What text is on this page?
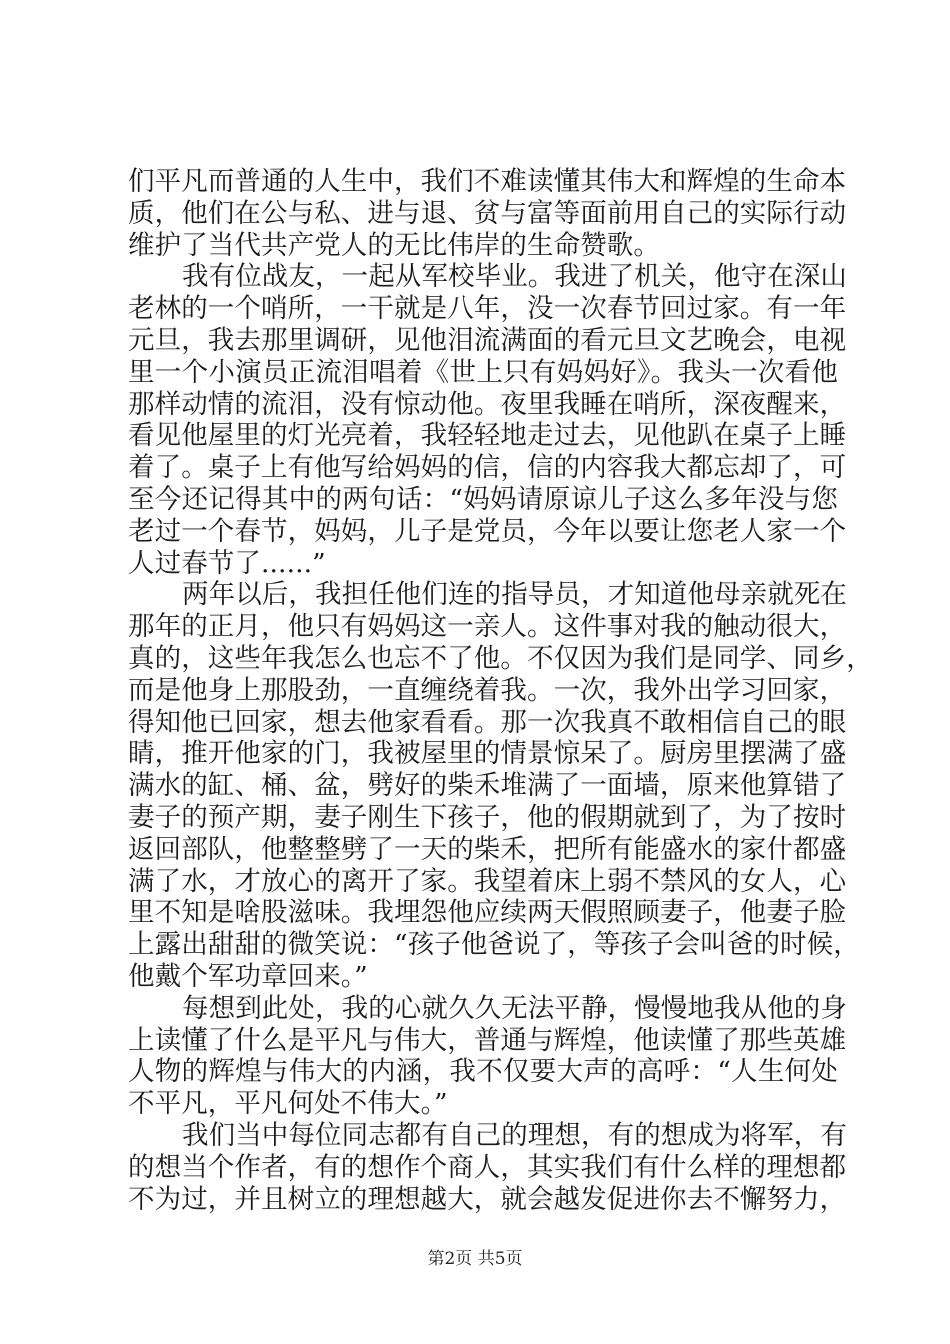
们平凡而普通的人生中，我们不难读懂其伟大和辉煌的生命本
质，他们在公与私、进与退、贫与富等面前用自己的实际行动
维护了当代共产党人的无比伟岸的生命赞歌。
我有位战友，一起从军校毕业。我进了机关，他守在深山
老林的一个哨所，一干就是八年，没一次春节回过家。有一年
元旦，我去那里调研，见他泪流满面的看元旦文艺晚会，电视
里一个小演员正流泪唱着《世上只有妈妈好》。我头一次看他
那样动情的流泪，没有惊动他。夜里我睡在哨所，深夜醒来，
看见他屋里的灯光亮着，我轻轻地走过去，见他趴在桌子上睡
着了。桌子上有他写给妈妈的信，信的内容我大都忘却了，可
至今还记得其中的两句话：“妈妈请原谅儿子这么多年没与您
老过一个春节，妈妈，儿子是党员，今年以要让您老人家一个
人过春节了......”
两年以后，我担任他们连的指导员，才知道他母亲就死在
那年的正月，他只有妈妈这一亲人。这件事对我的触动很大，
真的，这些年我怎么也忘不了他。不仅因为我们是同学、同乡，
而是他身上那股劲，一直缠绕着我。一次，我外出学习回家，
得知他已回家，想去他家看看。那一次我真不敢相信自己的眼
睛，推开他家的门，我被屋里的情景惊呆了。厨房里摆满了盛
满水的缸、桶、盆，劈好的柴禾堆满了一面墙，原来他算错了
妻子的预产期，妻子刚生下孩子，他的假期就到了，为了按时
返回部队，他整整劈了一天的柴禾，把所有能盛水的家什都盛
满了水，才放心的离开了家。我望着床上弱不禁风的女人，心
里不知是啥股滋味。我埋怨他应续两天假照顾妻子，他妻子脸
上露出甜甜的微笑说：“孩子他爸说了，等孩子会叫爸的时候，
他戴个军功章回来。”
每想到此处，我的心就久久无法平静，慢慢地我从他的身
上读懂了什么是平凡与伟大，普通与辉煌，他读懂了那些英雄
人物的辉煌与伟大的内涵，我不仅要大声的高呼：“人生何处
不平凡，平凡何处不伟大。”
我们当中每位同志都有自己的理想，有的想成为将军，有
的想当个作者，有的想作个商人，其实我们有什么样的理想都
不为过，并且树立的理想越大，就会越发促进你去不懈努力，
第2页 共5页
